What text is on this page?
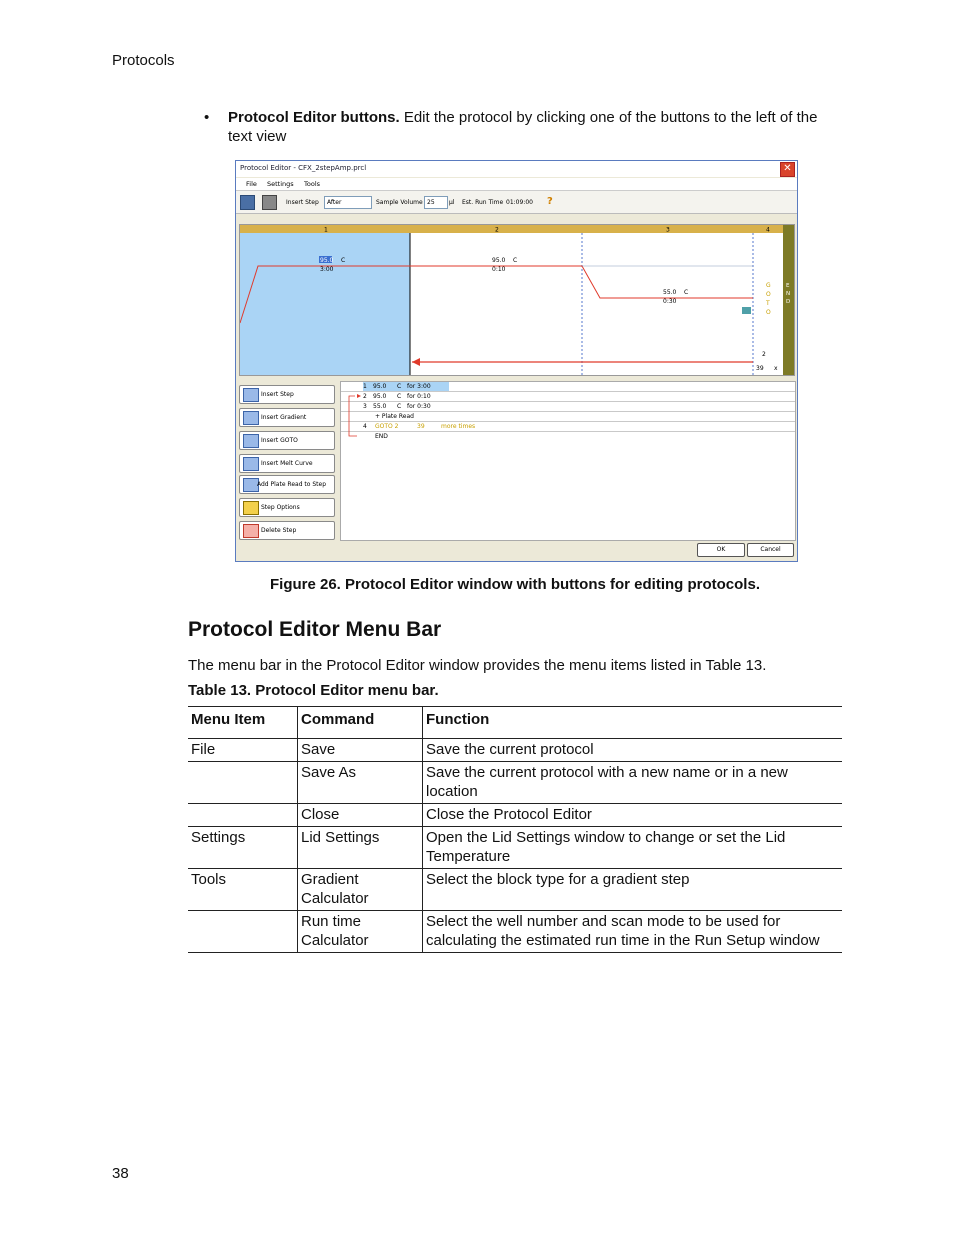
Protocols
• Protocol Editor buttons. Edit the protocol by clicking one of the buttons to the left of the text view
Protocol Editor - CFX_2stepAmp.prcl	✕
File Settings Tools
Insert Step	After	Sample Volume 25	µl Est. Run Time 01:09:00 ?
1	2	3	4
95.0 C
3:00
95.0 C
0:10
55.0 C
0:30
G
O
T
O
E
N
D
2
39 x
Insert Step
Insert Gradient
Insert GOTO
Insert Melt Curve
Add Plate Read to Step
Step Options
Delete Step
1 95.0 C for 3:00
2 95.0 C for 0:10
3 55.0 C for 0:30
+ Plate Read
4 GOTO 2	39	more times
END
OK	Cancel
Figure 26. Protocol Editor window with buttons for editing protocols.
Protocol Editor Menu Bar
The menu bar in the Protocol Editor window provides the menu items listed in Table 13.
Table 13. Protocol Editor menu bar.
Menu Item	Command	Function
File	Save	Save the current protocol
	Save As	Save the current protocol with a new name or in a new location
	Close	Close the Protocol Editor
Settings	Lid Settings	Open the Lid Settings window to change or set the Lid Temperature
Tools	Gradient Calculator	Select the block type for a gradient step
	Run time Calculator	Select the well number and scan mode to be used for calculating the estimated run time in the Run Setup window
38
